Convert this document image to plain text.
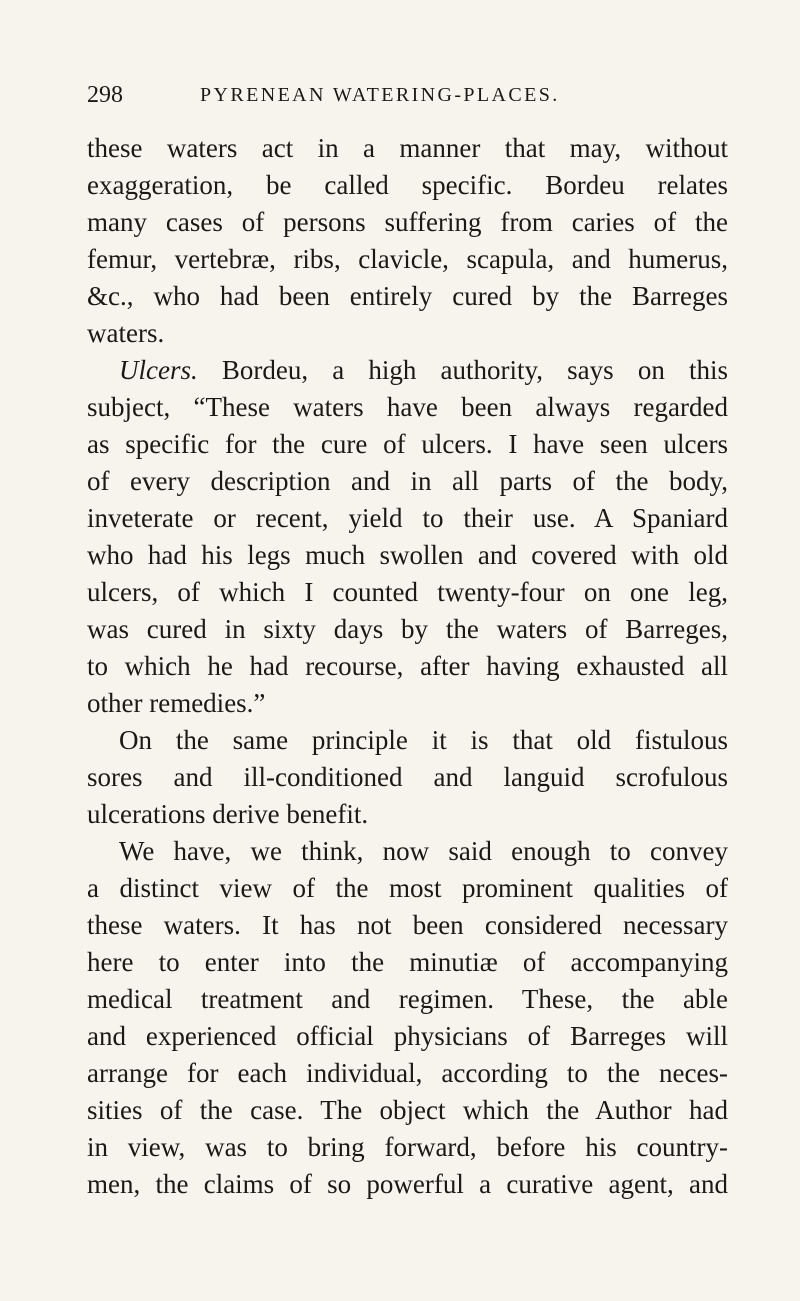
298	PYRENEAN WATERING-PLACES.
these waters act in a manner that may, without
exaggeration, be called specific. Bordeu relates
many cases of persons suffering from caries of the
femur, vertebræ, ribs, clavicle, scapula, and humerus,
&c., who had been entirely cured by the Barreges
waters.
Ulcers. Bordeu, a high authority, says on this
subject, “These waters have been always regarded
as specific for the cure of ulcers. I have seen ulcers
of every description and in all parts of the body,
inveterate or recent, yield to their use. A Spaniard
who had his legs much swollen and covered with old
ulcers, of which I counted twenty-four on one leg,
was cured in sixty days by the waters of Barreges,
to which he had recourse, after having exhausted all
other remedies.”
On the same principle it is that old fistulous
sores and ill-conditioned and languid scrofulous
ulcerations derive benefit.
We have, we think, now said enough to convey
a distinct view of the most prominent qualities of
these waters. It has not been considered necessary
here to enter into the minutiæ of accompanying
medical treatment and regimen. These, the able
and experienced official physicians of Barreges will
arrange for each individual, according to the neces-
sities of the case. The object which the Author had
in view, was to bring forward, before his country-
men, the claims of so powerful a curative agent, and
